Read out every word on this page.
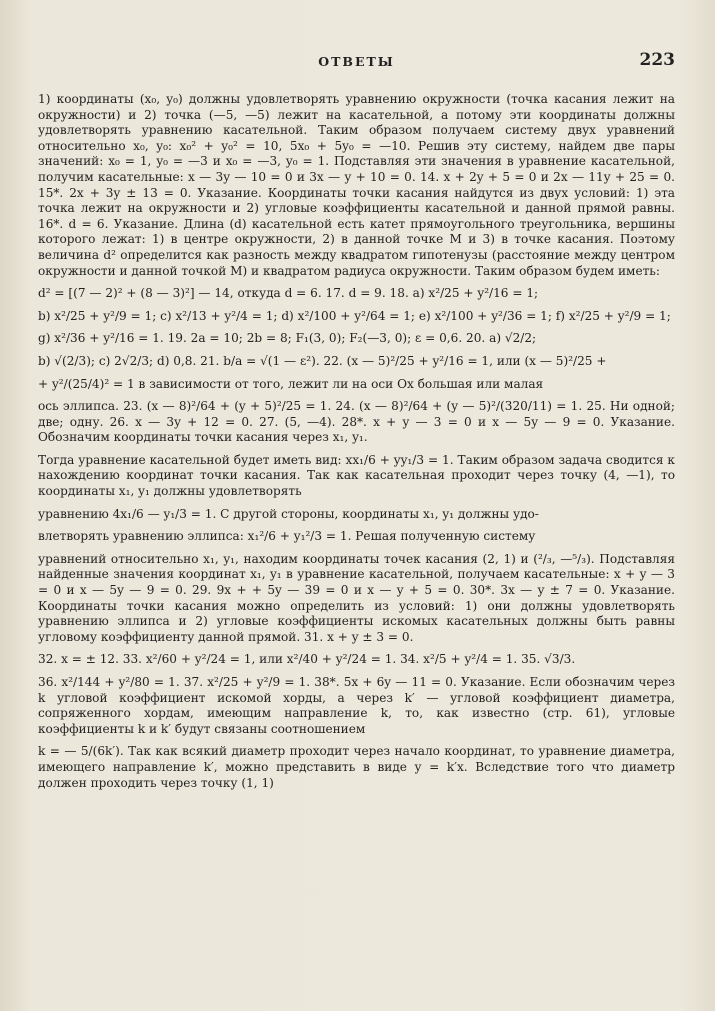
ОТВЕТЫ	223

1) координаты (x₀, y₀) должны удовлетворять уравнению окружности (точка касания лежит на окружности) и 2) точка (—5, —5) лежит на касательной, а потому эти координаты должны удовлетворять уравнению касательной. Таким образом получаем систему двух уравнений относительно x₀, y₀: x₀² + y₀² = 10, 5x₀ + 5y₀ = —10. Решив эту систему, найдем две пары значений: x₀ = 1, y₀ = —3 и x₀ = —3, y₀ = 1. Подставляя эти значения в уравнение касательной, получим касательные: x — 3y — 10 = 0 и 3x — y + 10 = 0. 14. x + 2y + 5 = 0 и 2x — 11y + 25 = 0. 15*. 2x + 3y ± 13 = 0. Указание. Координаты точки касания найдутся из двух условий: 1) эта точка лежит на окружности и 2) угловые коэффициенты касательной и данной прямой равны. 16*. d = 6. Указание. Длина (d) касательной есть катет прямоугольного треугольника, вершины которого лежат: 1) в центре окружности, 2) в данной точке M и 3) в точке касания. Поэтому величина d² определится как разность между квадратом гипотенузы (расстояние между центром окружности и данной точкой M) и квадратом радиуса окружности. Таким образом будем иметь:

d² = [(7 — 2)² + (8 — 3)²] — 14, откуда d = 6. 17. d = 9. 18. a) x²/25 + y²/16 = 1;

b) x²/25 + y²/9 = 1; c) x²/13 + y²/4 = 1; d) x²/100 + y²/64 = 1; e) x²/100 + y²/36 = 1; f) x²/25 + y²/9 = 1;

g) x²/36 + y²/16 = 1. 19. 2a = 10; 2b = 8; F₁(3, 0); F₂(—3, 0); ε = 0,6. 20. a) √2/2;

b) √(2/3); c) 2√2/3; d) 0,8. 21. b/a = √(1 — ε²). 22. (x — 5)²/25 + y²/16 = 1, или (x — 5)²/25 +

+ y²/(25/4)² = 1 в зависимости от того, лежит ли на оси Ox большая или малая

ось эллипса. 23. (x — 8)²/64 + (y + 5)²/25 = 1. 24. (x — 8)²/64 + (y — 5)²/(320/11) = 1. 25. Ни одной; две; одну. 26. x — 3y + 12 = 0. 27. (5, —4). 28*. x + y — 3 = 0 и x — 5y — 9 = 0. Указание. Обозначим координаты точки касания через x₁, y₁.

Тогда уравнение касательной будет иметь вид: xx₁/6 + yy₁/3 = 1. Таким образом задача сводится к нахождению координат точки касания. Так как касательная проходит через точку (4, —1), то координаты x₁, y₁ должны удовлетворять

уравнению 4x₁/6 — y₁/3 = 1. С другой стороны, координаты x₁, y₁ должны удо-

влетворять уравнению эллипса: x₁²/6 + y₁²/3 = 1. Решая полученную систему

уравнений относительно x₁, y₁, находим координаты точек касания (2, 1) и (²/₃, —⁵/₃). Подставляя найденные значения координат x₁, y₁ в уравнение касательной, получаем касательные: x + y — 3 = 0 и x — 5y — 9 = 0. 29. 9x + + 5y — 39 = 0 и x — y + 5 = 0. 30*. 3x — y ± 7 = 0. Указание. Координаты точки касания можно определить из условий: 1) они должны удовлетворять уравнению эллипса и 2) угловые коэффициенты искомых касательных должны быть равны угловому коэффициенту данной прямой. 31. x + y ± 3 = 0.

32. x = ± 12. 33. x²/60 + y²/24 = 1, или x²/40 + y²/24 = 1. 34. x²/5 + y²/4 = 1. 35. √3/3.

36. x²/144 + y²/80 = 1. 37. x²/25 + y²/9 = 1. 38*. 5x + 6y — 11 = 0. Указание. Если обозначим через k угловой коэффициент искомой хорды, а через k′ — угловой коэффициент диаметра, сопряженного хордам, имеющим направление k, то, как известно (стр. 61), угловые коэффициенты k и k′ будут связаны соотношением

k = — 5/(6k′). Так как всякий диаметр проходит через начало координат, то уравнение диаметра, имеющего направление k′, можно представить в виде y = k′x. Вследствие того что диаметр должен проходить через точку (1, 1)
